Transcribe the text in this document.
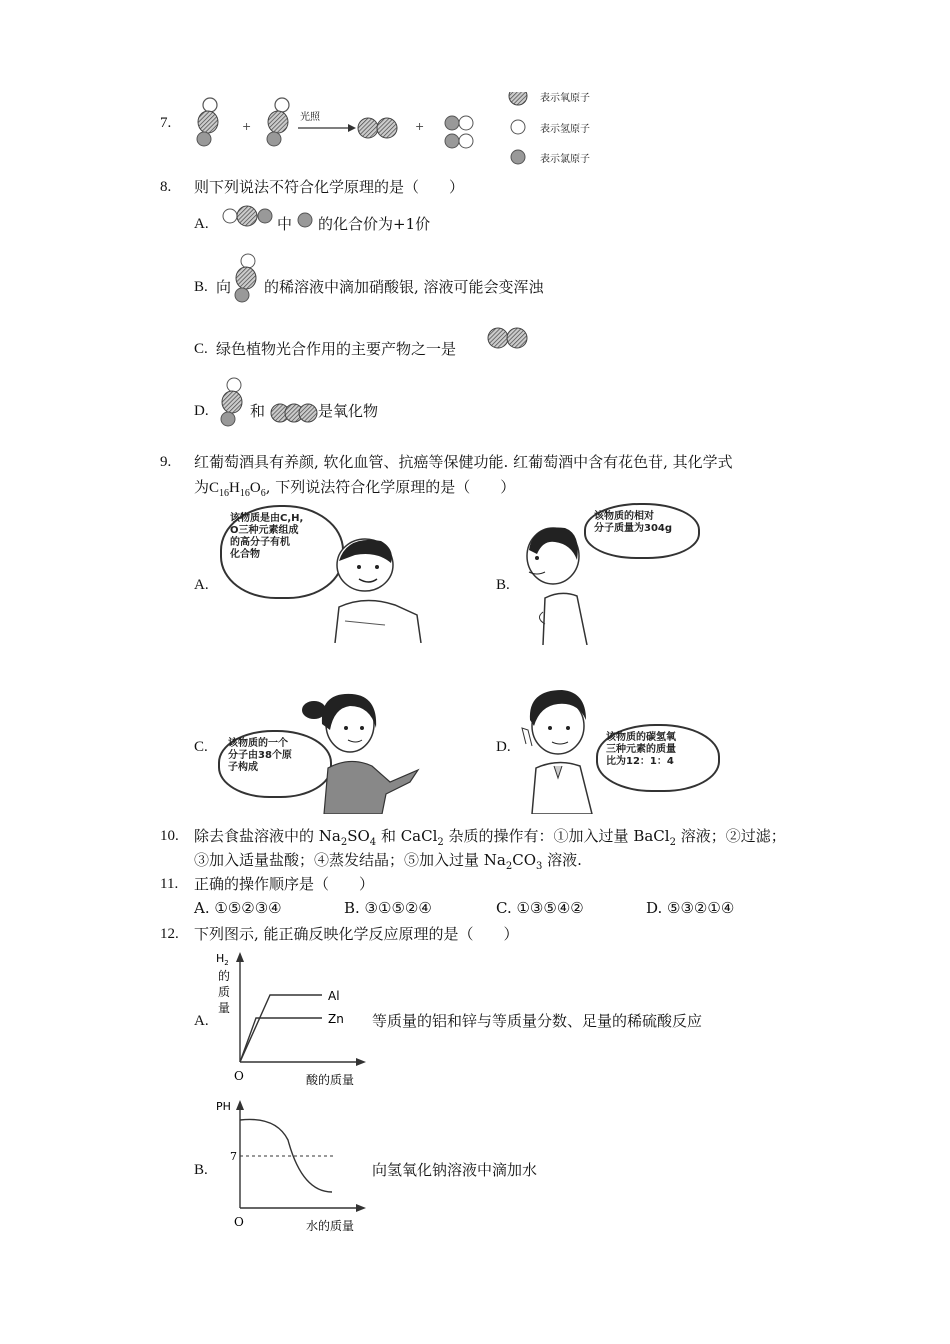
7.	+	+
表示氧原子
表示氢原子
表示氯原子
光照
8. 则下列说法不符合化学原理的是（　　）
A.	中 的化合价为+1价
B. 向 的稀溶液中滴加硝酸银, 溶液可能会变浑浊
C. 绿色植物光合作用的主要产物之一是
D.	和	是氧化物
9. 红葡萄酒具有养颜, 软化血管、抗癌等保健功能. 红葡萄酒中含有花色苷, 其化学式
为$C_{16}H_{16}O_6$, 下列说法符合化学原理的是（　　）
A.
该物质是由C,H,
O三种元素组成
的高分子有机
化合物
B.
该物质的相对
分子质量为304g
C. 该物质的一个
分子由38个原
子构成
D.
该物质的碳氢氧
三种元素的质量
比为12：1：4
10. 除去食盐溶液中的 $Na_2SO_4$ 和 CaCl$_2$ 杂质的操作有：①加入过量 BaCl$_2$ 溶液；②过滤；
③加入适量盐酸；④蒸发结晶；⑤加入过量 $Na_2CO_3$ 溶液.
11. 正确的操作顺序是（　　）
A. ①⑤②③④	B. ③①⑤②④	C. ①③⑤④②	D. ⑤③②①④
12. 下列图示, 能正确反映化学反应原理的是（　　）
A.
$H_2$
的
质
量
Al
Zn
O	酸的质量
等质量的铝和锌与等质量分数、足量的稀硫酸反应
B.
PH
7
O	水的质量
向氢氧化钠溶液中滴加水
